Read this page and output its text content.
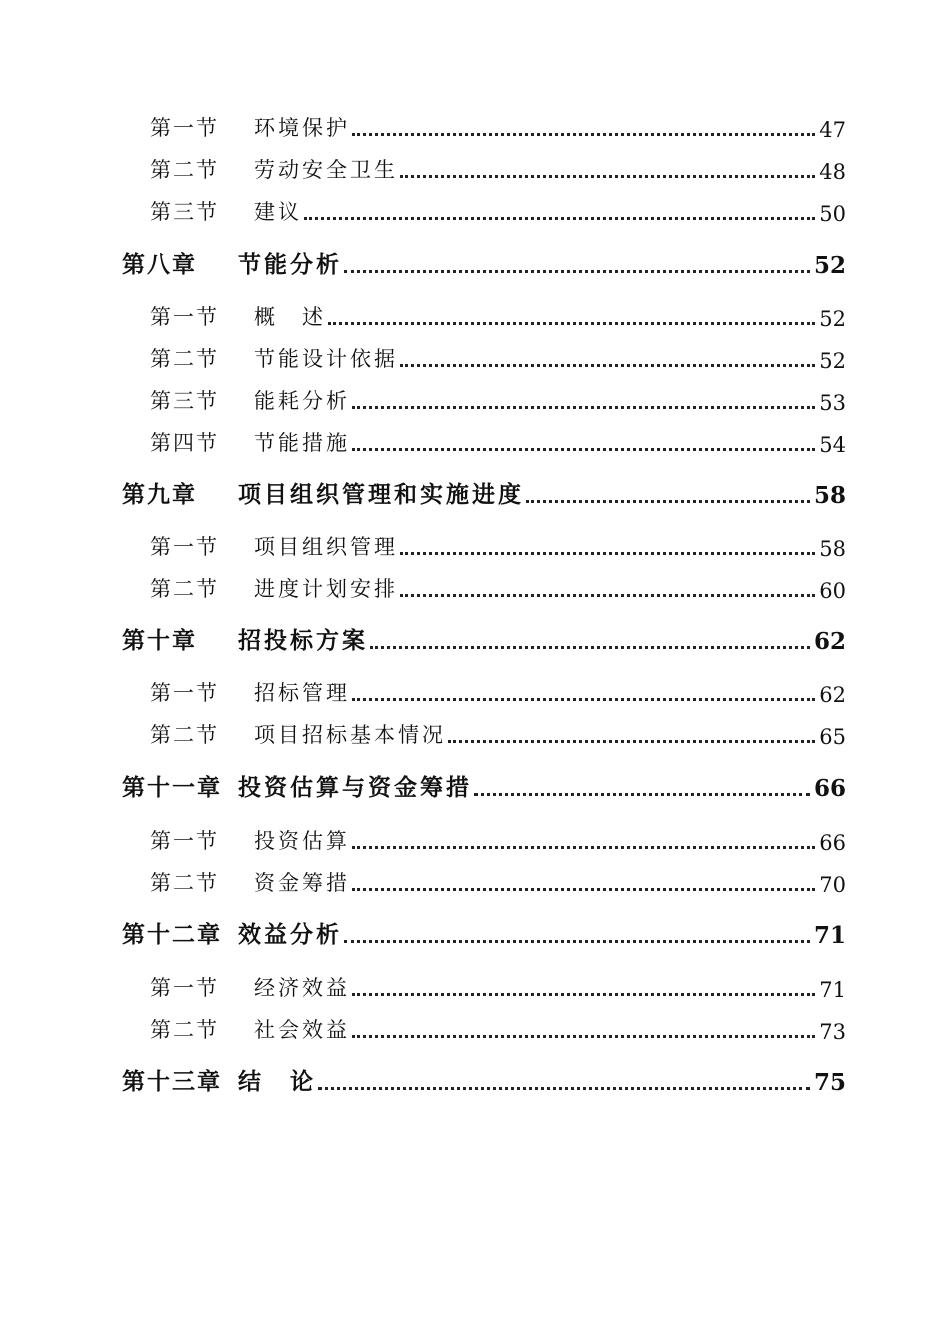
第一节	环境保护	47
第二节	劳动安全卫生	48
第三节	建议	50
第八章	节能分析	52
第一节	概　述	52
第二节	节能设计依据	52
第三节	能耗分析	53
第四节	节能措施	54
第九章	项目组织管理和实施进度	58
第一节	项目组织管理	58
第二节	进度计划安排	60
第十章	招投标方案	62
第一节	招标管理	62
第二节	项目招标基本情况	65
第十一章 投资估算与资金筹措	66
第一节	投资估算	66
第二节	资金筹措	70
第十二章 效益分析	71
第一节	经济效益	71
第二节	社会效益	73
第十三章 结　论	75
